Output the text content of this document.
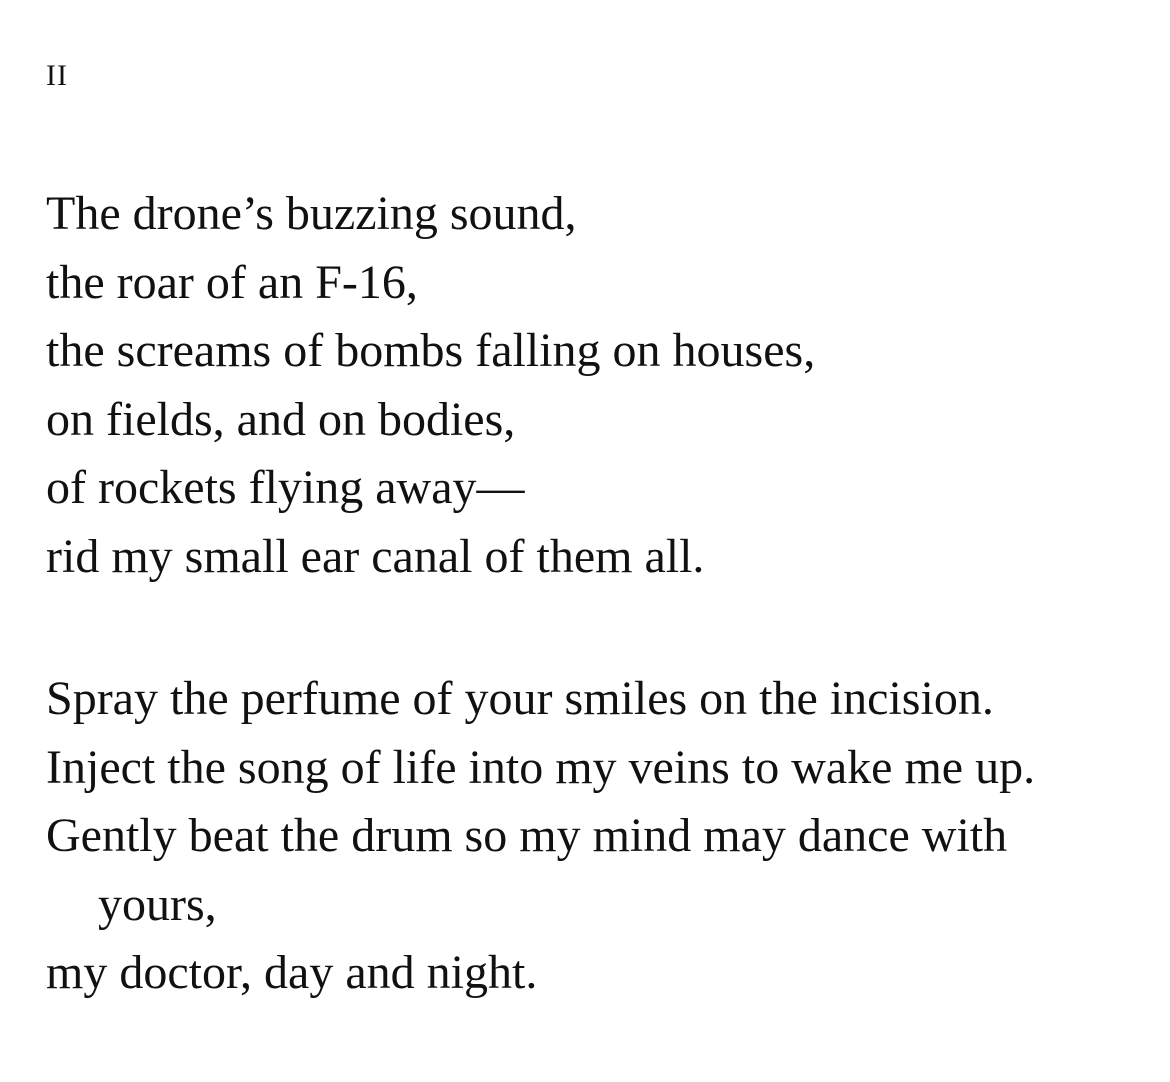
II
The drone’s buzzing sound,
the roar of an F-16,
the screams of bombs falling on houses,
on fields, and on bodies,
of rockets flying away—
rid my small ear canal of them all.
Spray the perfume of your smiles on the incision.
Inject the song of life into my veins to wake me up.
Gently beat the drum so my mind may dance with
yours,
my doctor, day and night.
